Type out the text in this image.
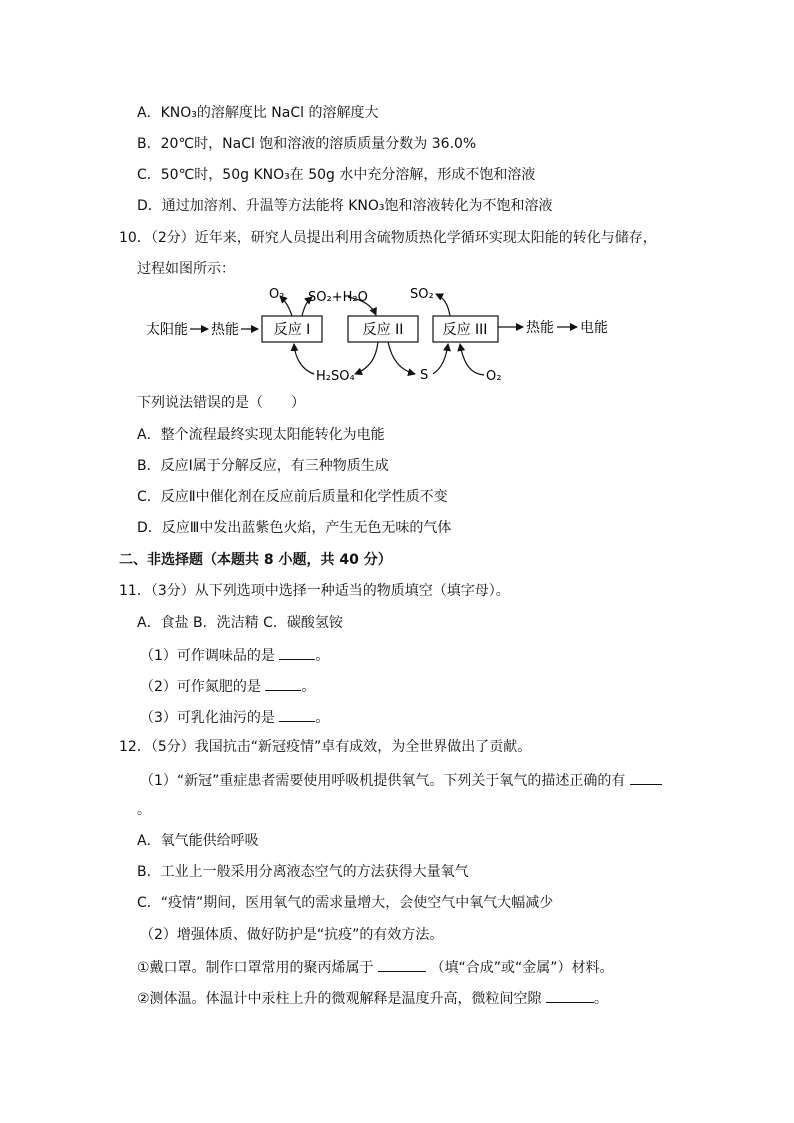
A．KNO₃的溶解度比 NaCl 的溶解度大
B．20℃时，NaCl 饱和溶液的溶质质量分数为 36.0%
C．50℃时，50g KNO₃在 50g 水中充分溶解，形成不饱和溶液
D．通过加溶剂、升温等方法能将 KNO₃饱和溶液转化为不饱和溶液
10．（2分）近年来，研究人员提出利用含硫物质热化学循环实现太阳能的转化与储存，
过程如图所示：
太阳能 热能 反应 I	反应 II	反应 III	热能 电能
O₂ SO₂+H₂O	SO₂
H₂SO₄	S	O₂
下列说法错误的是（　　）
A．整个流程最终实现太阳能转化为电能
B．反应Ⅰ属于分解反应，有三种物质生成
C．反应Ⅱ中催化剂在反应前后质量和化学性质不变
D．反应Ⅲ中发出蓝紫色火焰，产生无色无味的气体
二、非选择题（本题共 8 小题，共 40 分）
11．（3分）从下列选项中选择一种适当的物质填空（填字母）。
A．食盐 B．洗洁精 C．碳酸氢铵
（1）可作调味品的是	。
（2）可作氮肥的是	。
（3）可乳化油污的是	。
12．（5分）我国抗击“新冠疫情”卓有成效，为全世界做出了贡献。
（1）“新冠”重症患者需要使用呼吸机提供氧气。下列关于氧气的描述正确的有
。
A．氧气能供给呼吸
B．工业上一般采用分离液态空气的方法获得大量氧气
C．“疫情”期间，医用氧气的需求量增大，会使空气中氧气大幅减少
（2）增强体质、做好防护是“抗疫”的有效方法。
①戴口罩。制作口罩常用的聚丙烯属于	（填“合成”或“金属”）材料。
②测体温。体温计中汞柱上升的微观解释是温度升高，微粒间空隙	。
